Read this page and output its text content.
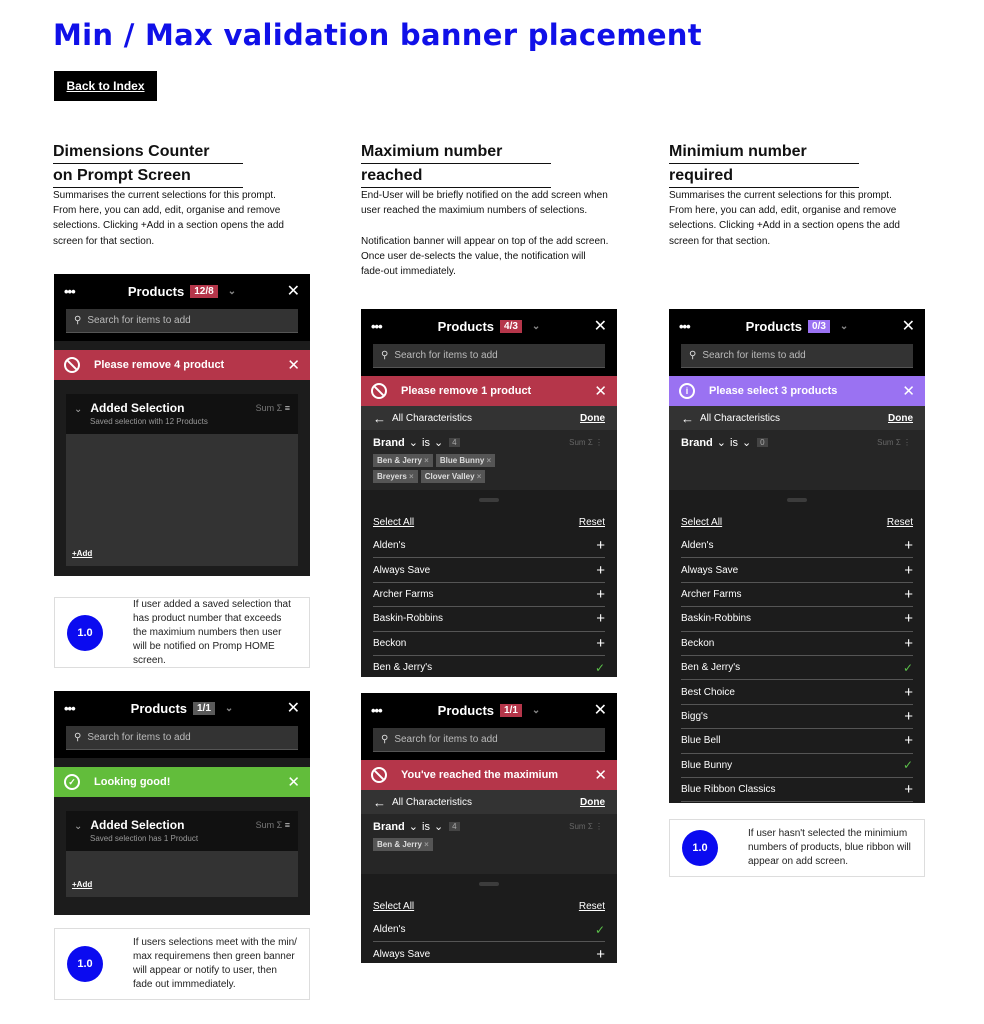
Min / Max validation banner placement
Back to Index
Dimensions Counter
on Prompt Screen
Summarises the current selections for this prompt.
From here, you can add, edit, organise and remove selections. Clicking +Add in a section opens the add screen for that section.
Maximium number
reached
End-User will be briefly notified on the add screen when user reached the maximium numbers of selections.

Notification banner will appear on top of the add screen. Once user de-selects the value, the notification will fade-out immediately.
Minimium number
required
Summarises the current selections for this prompt.
From here, you can add, edit, organise and remove selections. Clicking +Add in a section opens the add screen for that section.
•••	Products	12/8	⌄	✕
⚲ Search for items to add
Please remove 4 product	✕
⌄ Added Selection
Saved selection with 12 Products
Sum Σ ≡
+Add
•••	Products	1/1	⌄	✕
⚲ Search for items to add
✓	Looking good!	✕
⌄ Added Selection
Saved selection has 1 Product
Sum Σ ≡
+Add
•••	Products	4/3	⌄	✕
⚲ Search for items to add
Please remove 1 product	✕
← All Characteristics	Done
Brand ⌄ is ⌄	4	Sum Σ ⋮
Ben & Jerry ×	Blue Bunny ×
Breyers ×	Clover Valley ×
Select All	Reset
Alden's	+
Always Save	+
Archer Farms	+
Baskin-Robbins	+
Beckon	+
Ben & Jerry's	✓
•••	Products	1/1	⌄	✕
⚲ Search for items to add
You've reached the maximium ✕
← All Characteristics	Done
Brand ⌄ is ⌄	4	Sum Σ ⋮
Ben & Jerry ×
Select All	Reset
Alden's	✓
Always Save	+
•••	Products	0/3	⌄	✕
⚲ Search for items to add
i	Please select 3 products	✕
← All Characteristics	Done
Brand ⌄ is ⌄	0	Sum Σ ⋮
Select All	Reset
Alden's	+
Always Save	+
Archer Farms	+
Baskin-Robbins	+
Beckon	+
Ben & Jerry's	✓
Best Choice	+
Bigg's	+
Blue Bell	+
Blue Bunny	✓
Blue Ribbon Classics	+
1.0
If user added a saved selection that has product number that exceeds the maximium numbers then user will be notified on Promp HOME screen.
1.0
If users selections meet with the min/ max requiremens then green banner will appear or notify to user, then fade out immmediately.
1.0
If user hasn't selected the minimium numbers of products, blue ribbon will appear on add screen.
